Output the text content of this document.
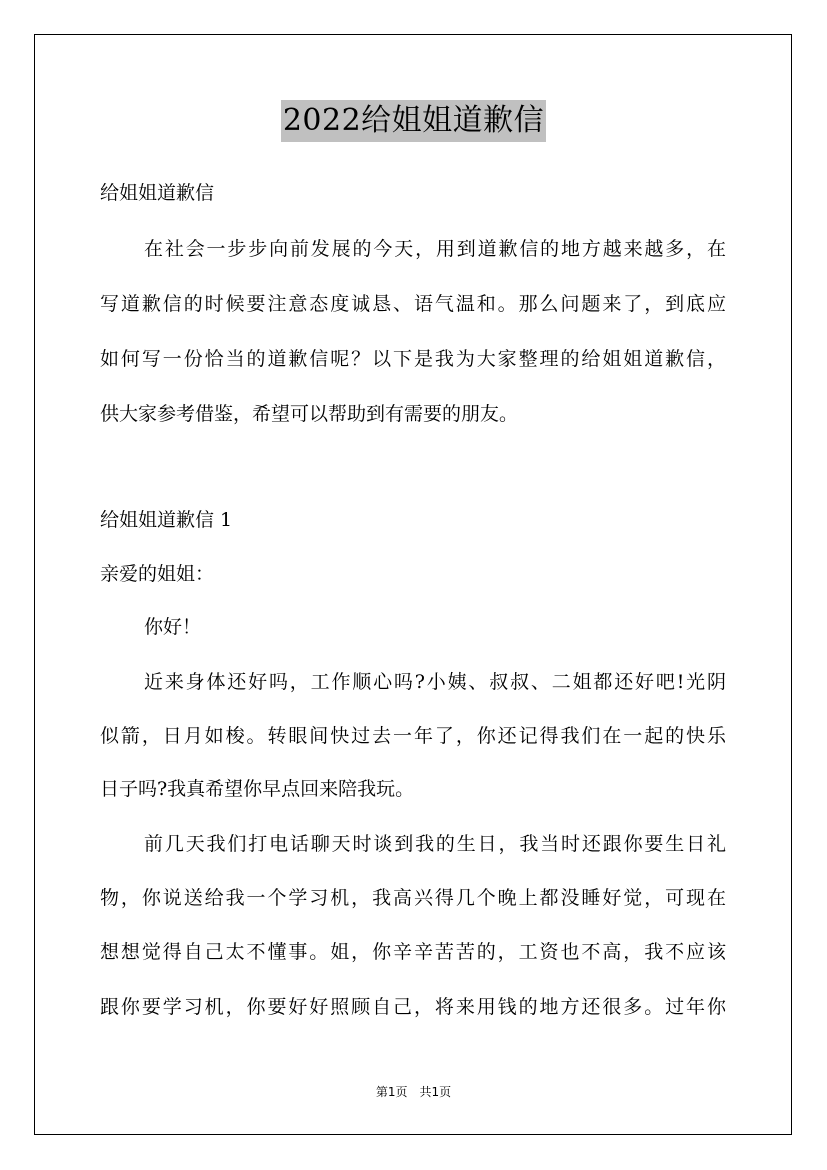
2022给姐姐道歉信
给姐姐道歉信
在社会一步步向前发展的今天，用到道歉信的地方越来越多，在
写道歉信的时候要注意态度诚恳、语气温和。那么问题来了，到底应
如何写一份恰当的道歉信呢？以下是我为大家整理的给姐姐道歉信，
供大家参考借鉴，希望可以帮助到有需要的朋友。
给姐姐道歉信 1
亲爱的姐姐：
你好！
近来身体还好吗，工作顺心吗?小姨、叔叔、二姐都还好吧!光阴
似箭，日月如梭。转眼间快过去一年了，你还记得我们在一起的快乐
日子吗?我真希望你早点回来陪我玩。
前几天我们打电话聊天时谈到我的生日，我当时还跟你要生日礼
物，你说送给我一个学习机，我高兴得几个晚上都没睡好觉，可现在
想想觉得自己太不懂事。姐，你辛辛苦苦的，工资也不高，我不应该
跟你要学习机，你要好好照顾自己，将来用钱的地方还很多。过年你
第1页　共1页
